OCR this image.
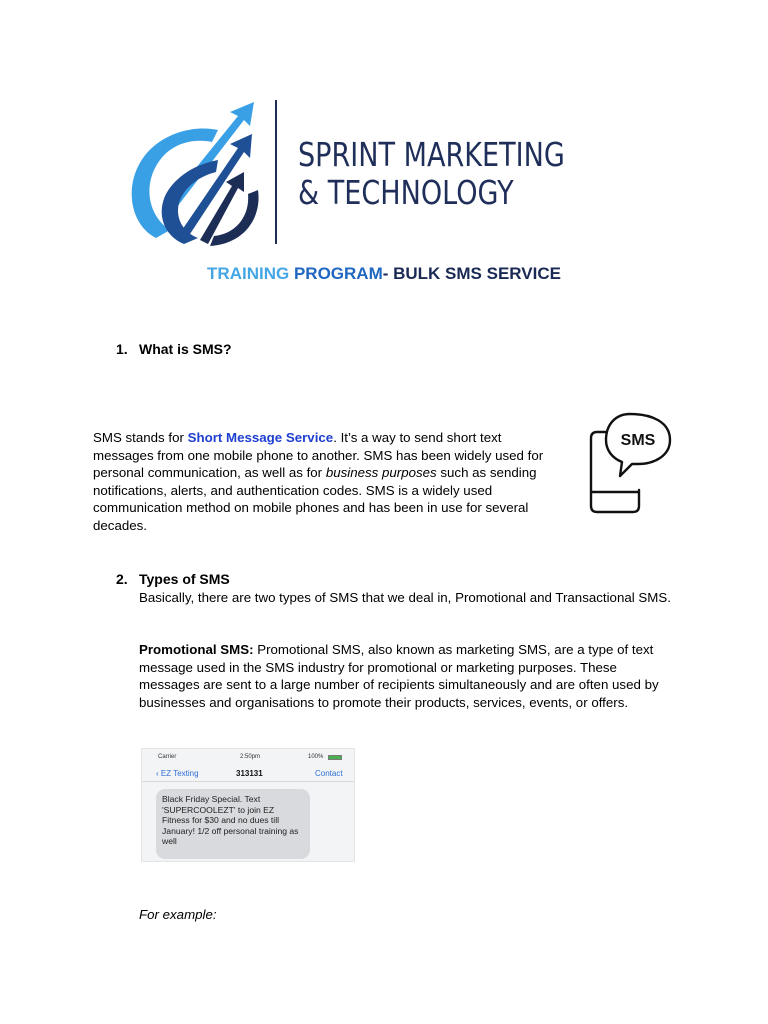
SPRINT MARKETING
& TECHNOLOGY
TRAINING PROGRAM- BULK SMS SERVICE
1. What is SMS?
SMS stands for Short Message Service. It’s a way to send short text messages from one mobile phone to another. SMS has been widely used for personal communication, as well as for business purposes such as sending notifications, alerts, and authentication codes. SMS is a widely used communication method on mobile phones and has been in use for several decades.
SMS
2. Types of SMS
Basically, there are two types of SMS that we deal in, Promotional and Transactional SMS.
Promotional SMS: Promotional SMS, also known as marketing SMS, are a type of text message used in the SMS industry for promotional or marketing purposes. These messages are sent to a large number of recipients simultaneously and are often used by businesses and organisations to promote their products, services, events, or offers.
Carrier	2:50pm	100%
‹ EZ Texting	313131	Contact
Black Friday Special. Text 'SUPERCOOLEZT' to join EZ Fitness for $30 and no dues till January! 1/2 off personal training as well
For example:
